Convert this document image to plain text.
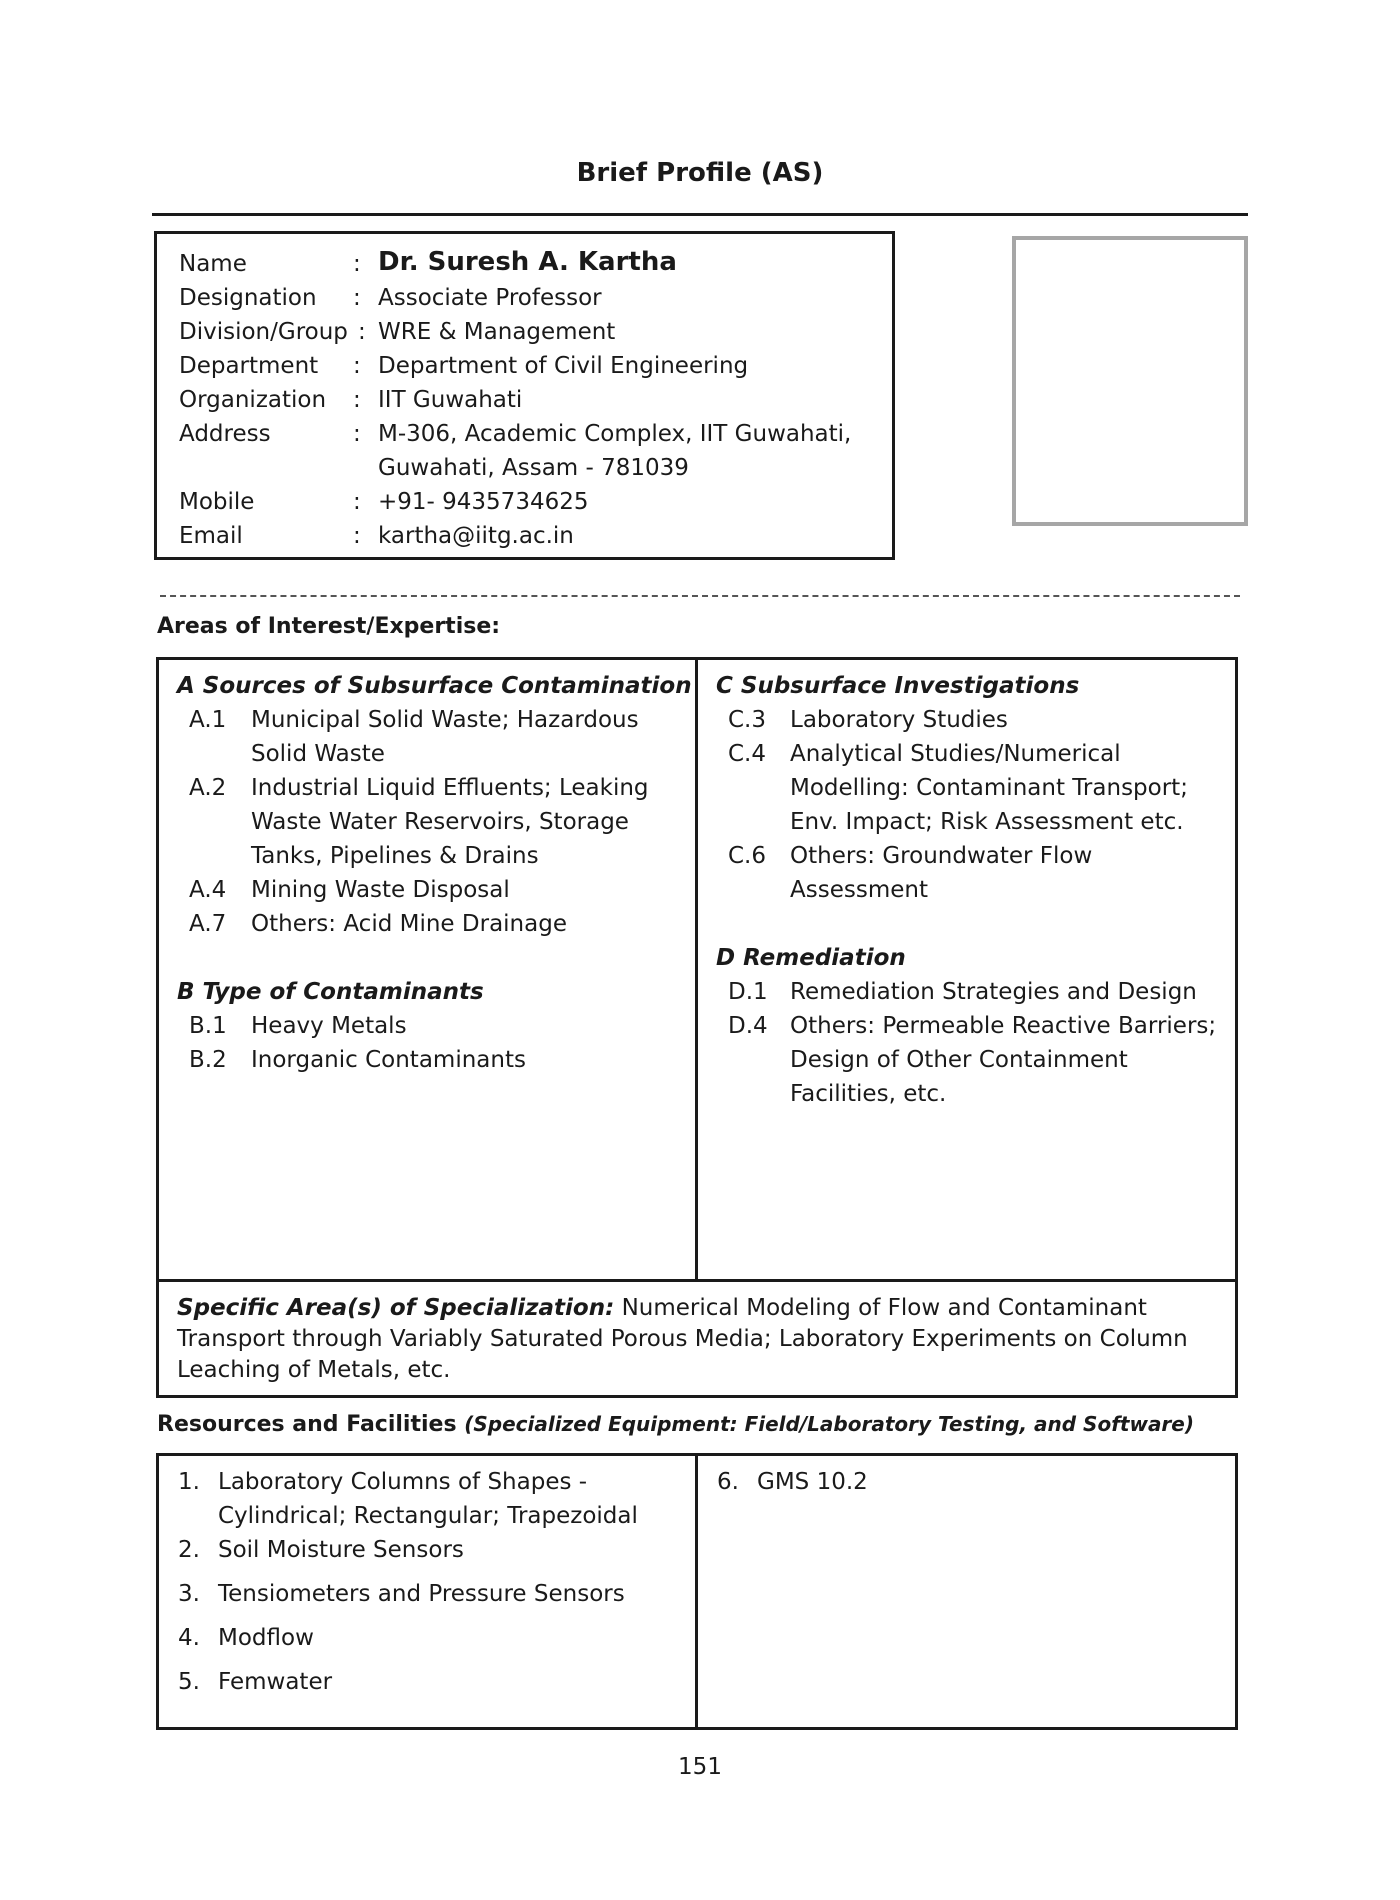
Brief Profile (AS)
Name	: Dr. Suresh A. Kartha
Designation : Associate Professor
Division/Group : WRE & Management
Department : Department of Civil Engineering
Organization : IIT Guwahati
Address	: M-306, Academic Complex, IIT Guwahati,
Guwahati, Assam - 781039
Mobile	: +91- 9435734625
Email	: kartha@iitg.ac.in
Areas of Interest/Expertise:
A Sources of Subsurface Contamination
A.1 Municipal Solid Waste; Hazardous Solid Waste
A.2 Industrial Liquid Effluents; Leaking Waste Water Reservoirs, Storage Tanks, Pipelines & Drains
A.4 Mining Waste Disposal
A.7 Others: Acid Mine Drainage
B Type of Contaminants
B.1 Heavy Metals
B.2 Inorganic Contaminants
C Subsurface Investigations
C.3 Laboratory Studies
C.4 Analytical Studies/Numerical Modelling: Contaminant Transport; Env. Impact; Risk Assessment etc.
C.6 Others: Groundwater Flow Assessment
D Remediation
D.1 Remediation Strategies and Design
D.4 Others: Permeable Reactive Barriers; Design of Other Containment Facilities, etc.
Specific Area(s) of Specialization: Numerical Modeling of Flow and Contaminant Transport through Variably Saturated Porous Media; Laboratory Experiments on Column Leaching of Metals, etc.
Resources and Facilities (Specialized Equipment: Field/Laboratory Testing, and Software)
1. Laboratory Columns of Shapes -
Cylindrical; Rectangular; Trapezoidal
2. Soil Moisture Sensors
3. Tensiometers and Pressure Sensors
4. Modflow
5. Femwater
6. GMS 10.2
151
